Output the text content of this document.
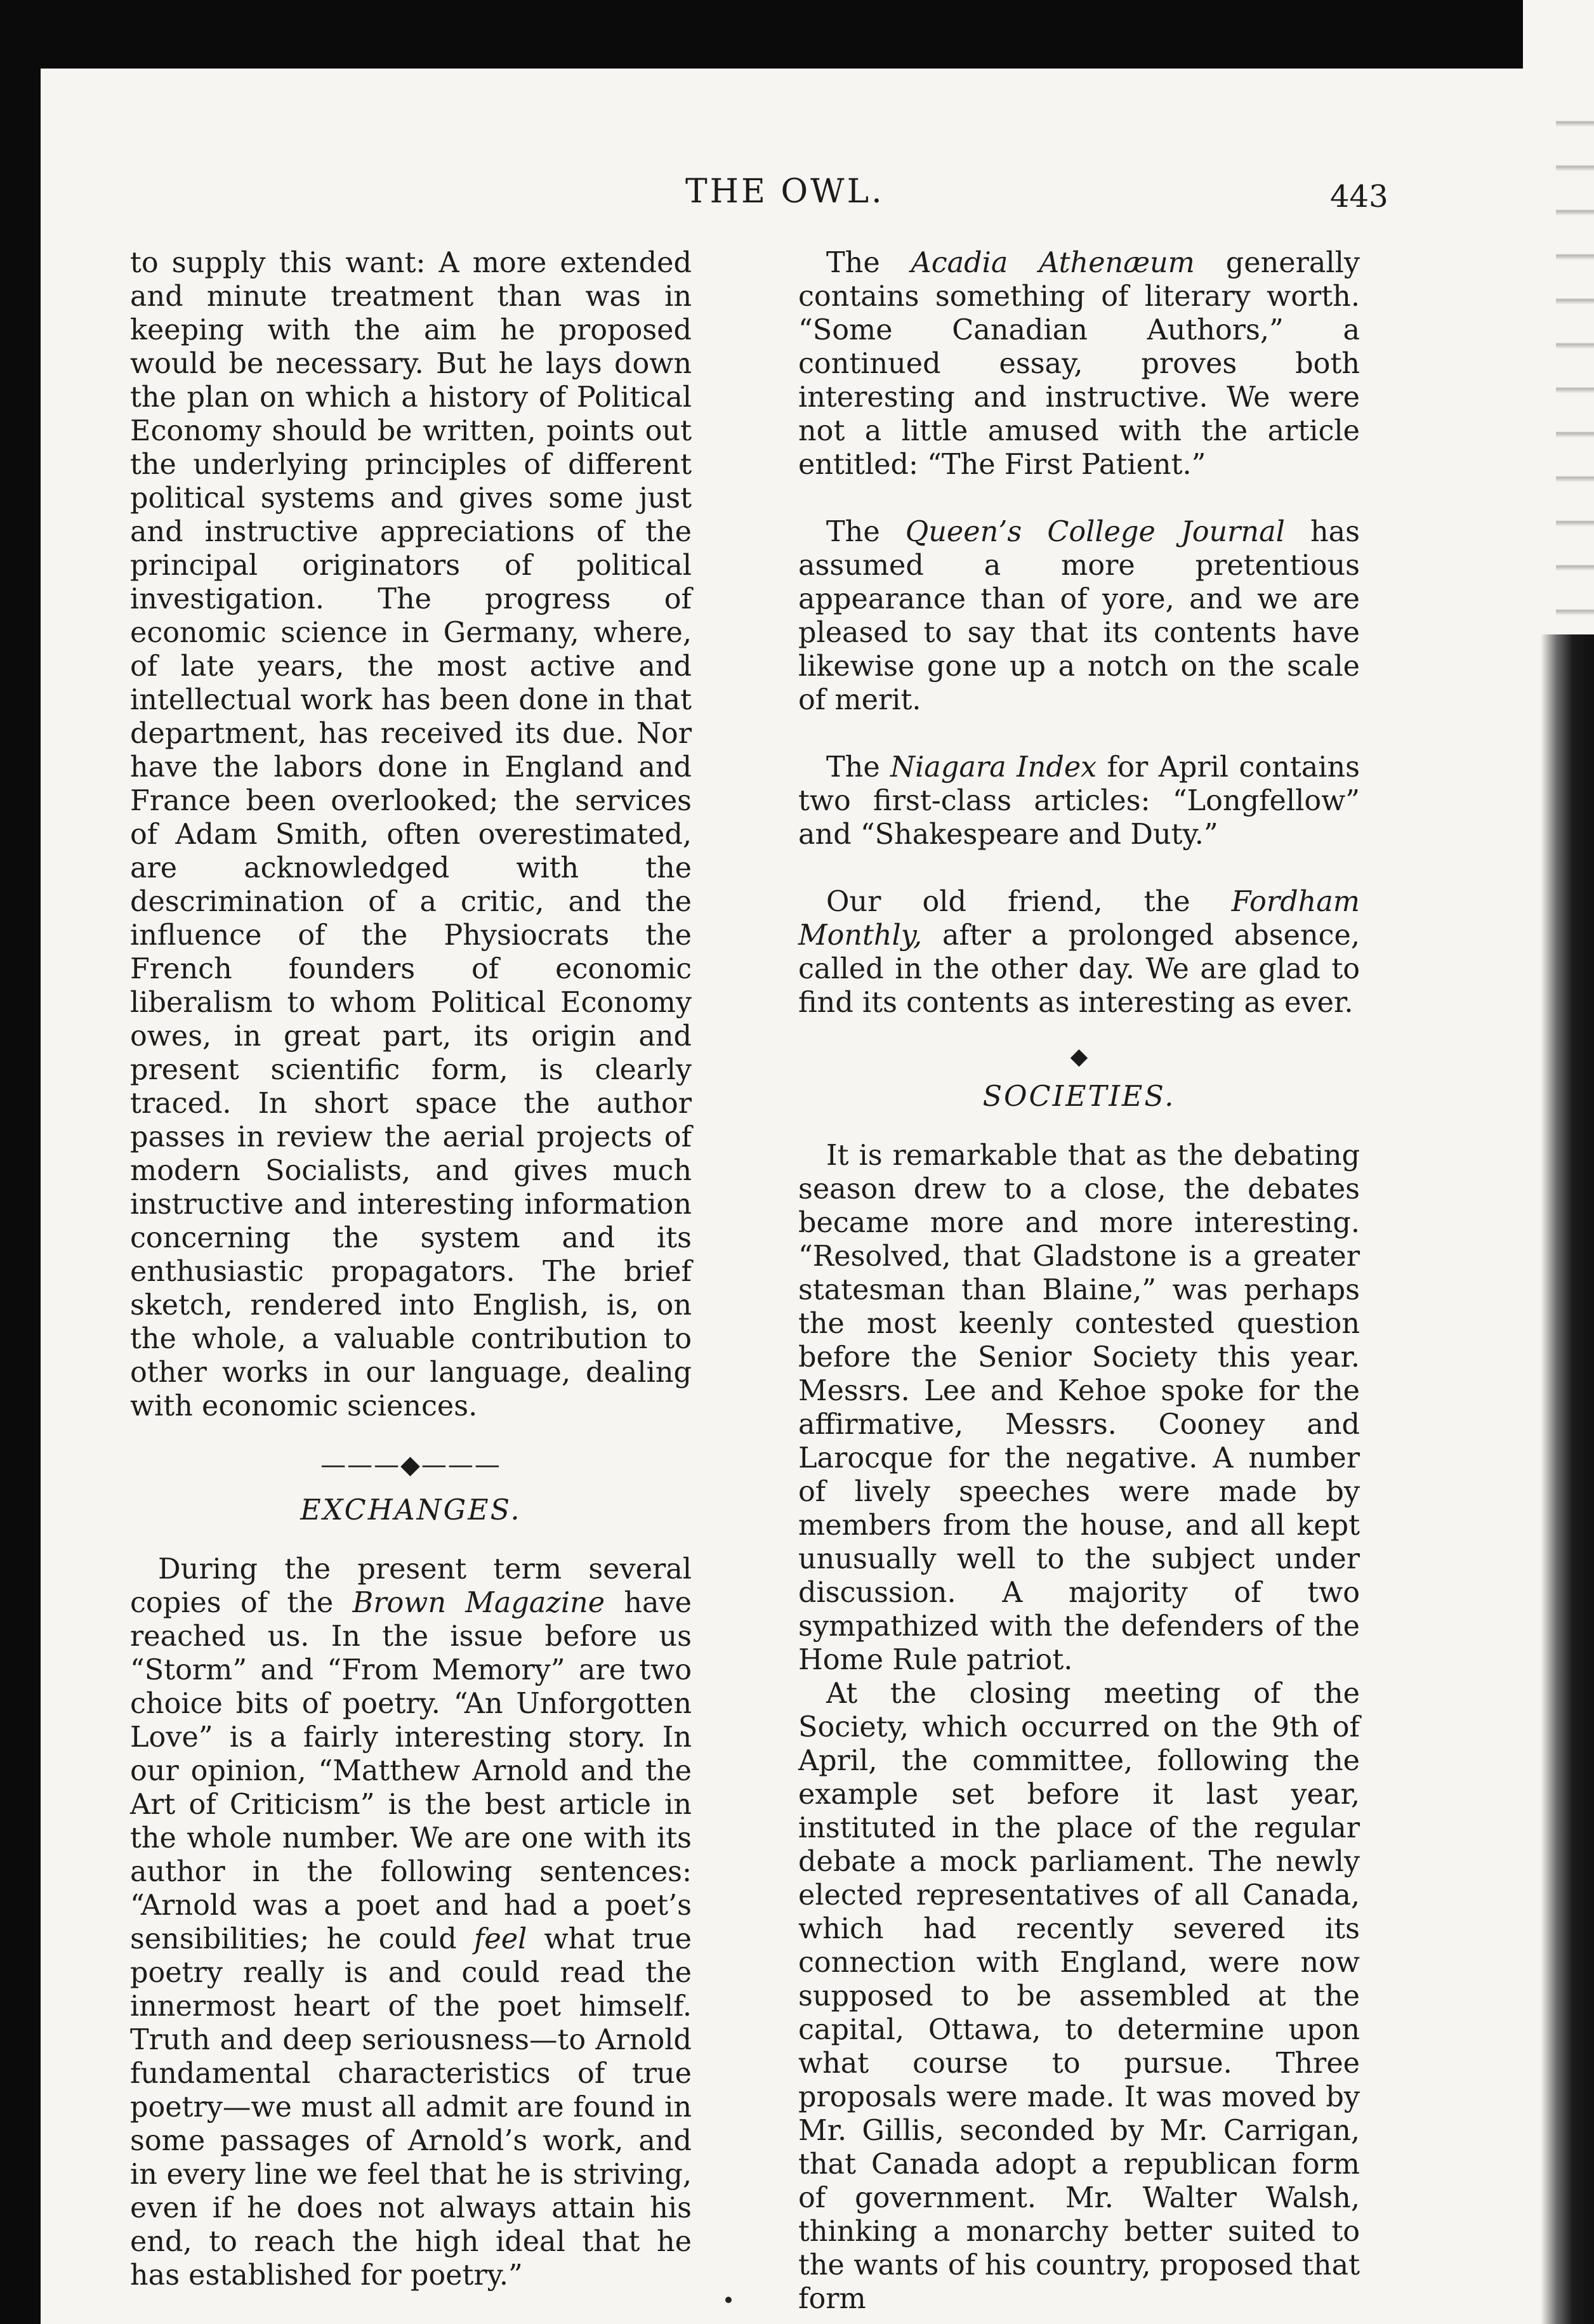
THE OWL.	443

to supply this want: A more extended and minute treatment than was in keeping with the aim he proposed would be necessary. But he lays down the plan on which a history of Political Economy should be written, points out the underlying principles of different political systems and gives some just and instructive appreciations of the principal originators of political investigation. The progress of economic science in Germany, where, of late years, the most active and intellectual work has been done in that department, has received its due. Nor have the labors done in England and France been overlooked; the services of Adam Smith, often overestimated, are acknowledged with the descrimination of a critic, and the influence of the Physiocrats the French founders of economic liberalism to whom Political Economy owes, in great part, its origin and present scientific form, is clearly traced. In short space the author passes in review the aerial projects of modern Socialists, and gives much instructive and interesting information concerning the system and its enthusiastic propagators. The brief sketch, rendered into English, is, on the whole, a valuable contribution to other works in our language, dealing with economic sciences.

———◆———
EXCHANGES.

During the present term several copies of the Brown Magazine have reached us. In the issue before us “Storm” and “From Memory” are two choice bits of poetry. “An Unforgotten Love” is a fairly interesting story. In our opinion, “Matthew Arnold and the Art of Criticism” is the best article in the whole number. We are one with its author in the following sentences: “Arnold was a poet and had a poet’s sensibilities; he could feel what true poetry really is and could read the innermost heart of the poet himself. Truth and deep seriousness—to Arnold fundamental characteristics of true poetry—we must all admit are found in some passages of Arnold’s work, and in every line we feel that he is striving, even if he does not always attain his end, to reach the high ideal that he has established for poetry.”

The Acadia Athenæum generally contains something of literary worth. “Some Canadian Authors,” a continued essay, proves both interesting and instructive. We were not a little amused with the article entitled: “The First Patient.”

The Queen’s College Journal has assumed a more pretentious appearance than of yore, and we are pleased to say that its contents have likewise gone up a notch on the scale of merit.

The Niagara Index for April contains two first-class articles: “Longfellow” and “Shakespeare and Duty.”

Our old friend, the Fordham Monthly, after a prolonged absence, called in the other day. We are glad to find its contents as interesting as ever.

◆
SOCIETIES.

It is remarkable that as the debating season drew to a close, the debates became more and more interesting. “Resolved, that Gladstone is a greater statesman than Blaine,” was perhaps the most keenly contested question before the Senior Society this year. Messrs. Lee and Kehoe spoke for the affirmative, Messrs. Cooney and Larocque for the negative. A number of lively speeches were made by members from the house, and all kept unusually well to the subject under discussion. A majority of two sympathized with the defenders of the Home Rule patriot.

At the closing meeting of the Society, which occurred on the 9th of April, the committee, following the example set before it last year, instituted in the place of the regular debate a mock parliament. The newly elected representatives of all Canada, which had recently severed its connection with England, were now supposed to be assembled at the capital, Ottawa, to determine upon what course to pursue. Three proposals were made. It was moved by Mr. Gillis, seconded by Mr. Carrigan, that Canada adopt a republican form of government. Mr. Walter Walsh, thinking a monarchy better suited to the wants of his country, proposed that form
